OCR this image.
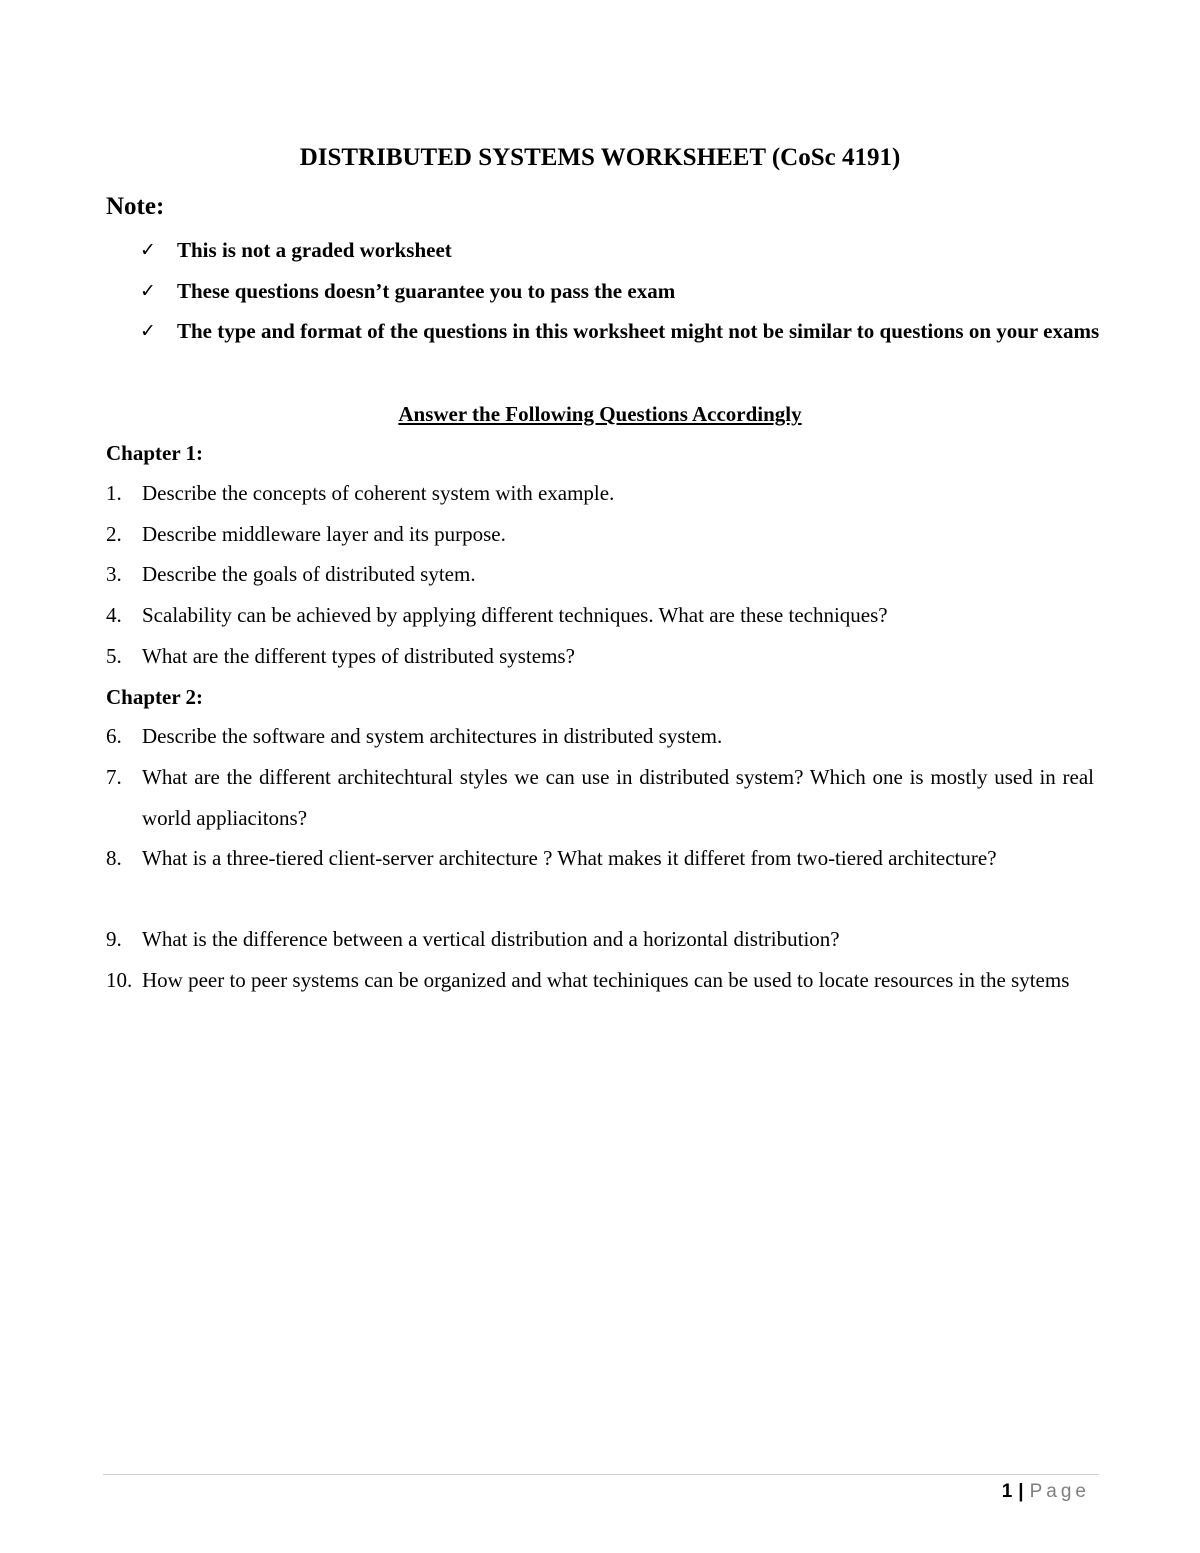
DISTRIBUTED SYSTEMS WORKSHEET (CoSc 4191)
Note:
✓ This is not a graded worksheet
✓ These questions doesn’t guarantee you to pass the exam
✓ The type and format of the questions in this worksheet might not be similar to questions on your exams
Answer the Following Questions Accordingly
Chapter 1:
1. Describe the concepts of coherent system with example.
2. Describe middleware layer and its purpose.
3. Describe the goals of distributed sytem.
4. Scalability can be achieved by applying different techniques. What are these techniques?
5. What are the different types of distributed systems?
Chapter 2:
6. Describe the software and system architectures in distributed system.
7. What are the different architechtural styles we can use in distributed system? Which one is mostly used in real world appliacitons?
8. What is a three-tiered client-server architecture ? What makes it differet from two-tiered architecture?
9. What is the difference between a vertical distribution and a horizontal distribution?
10. How peer to peer systems can be organized and what techiniques can be used to locate resources in the sytems
1 | Page
